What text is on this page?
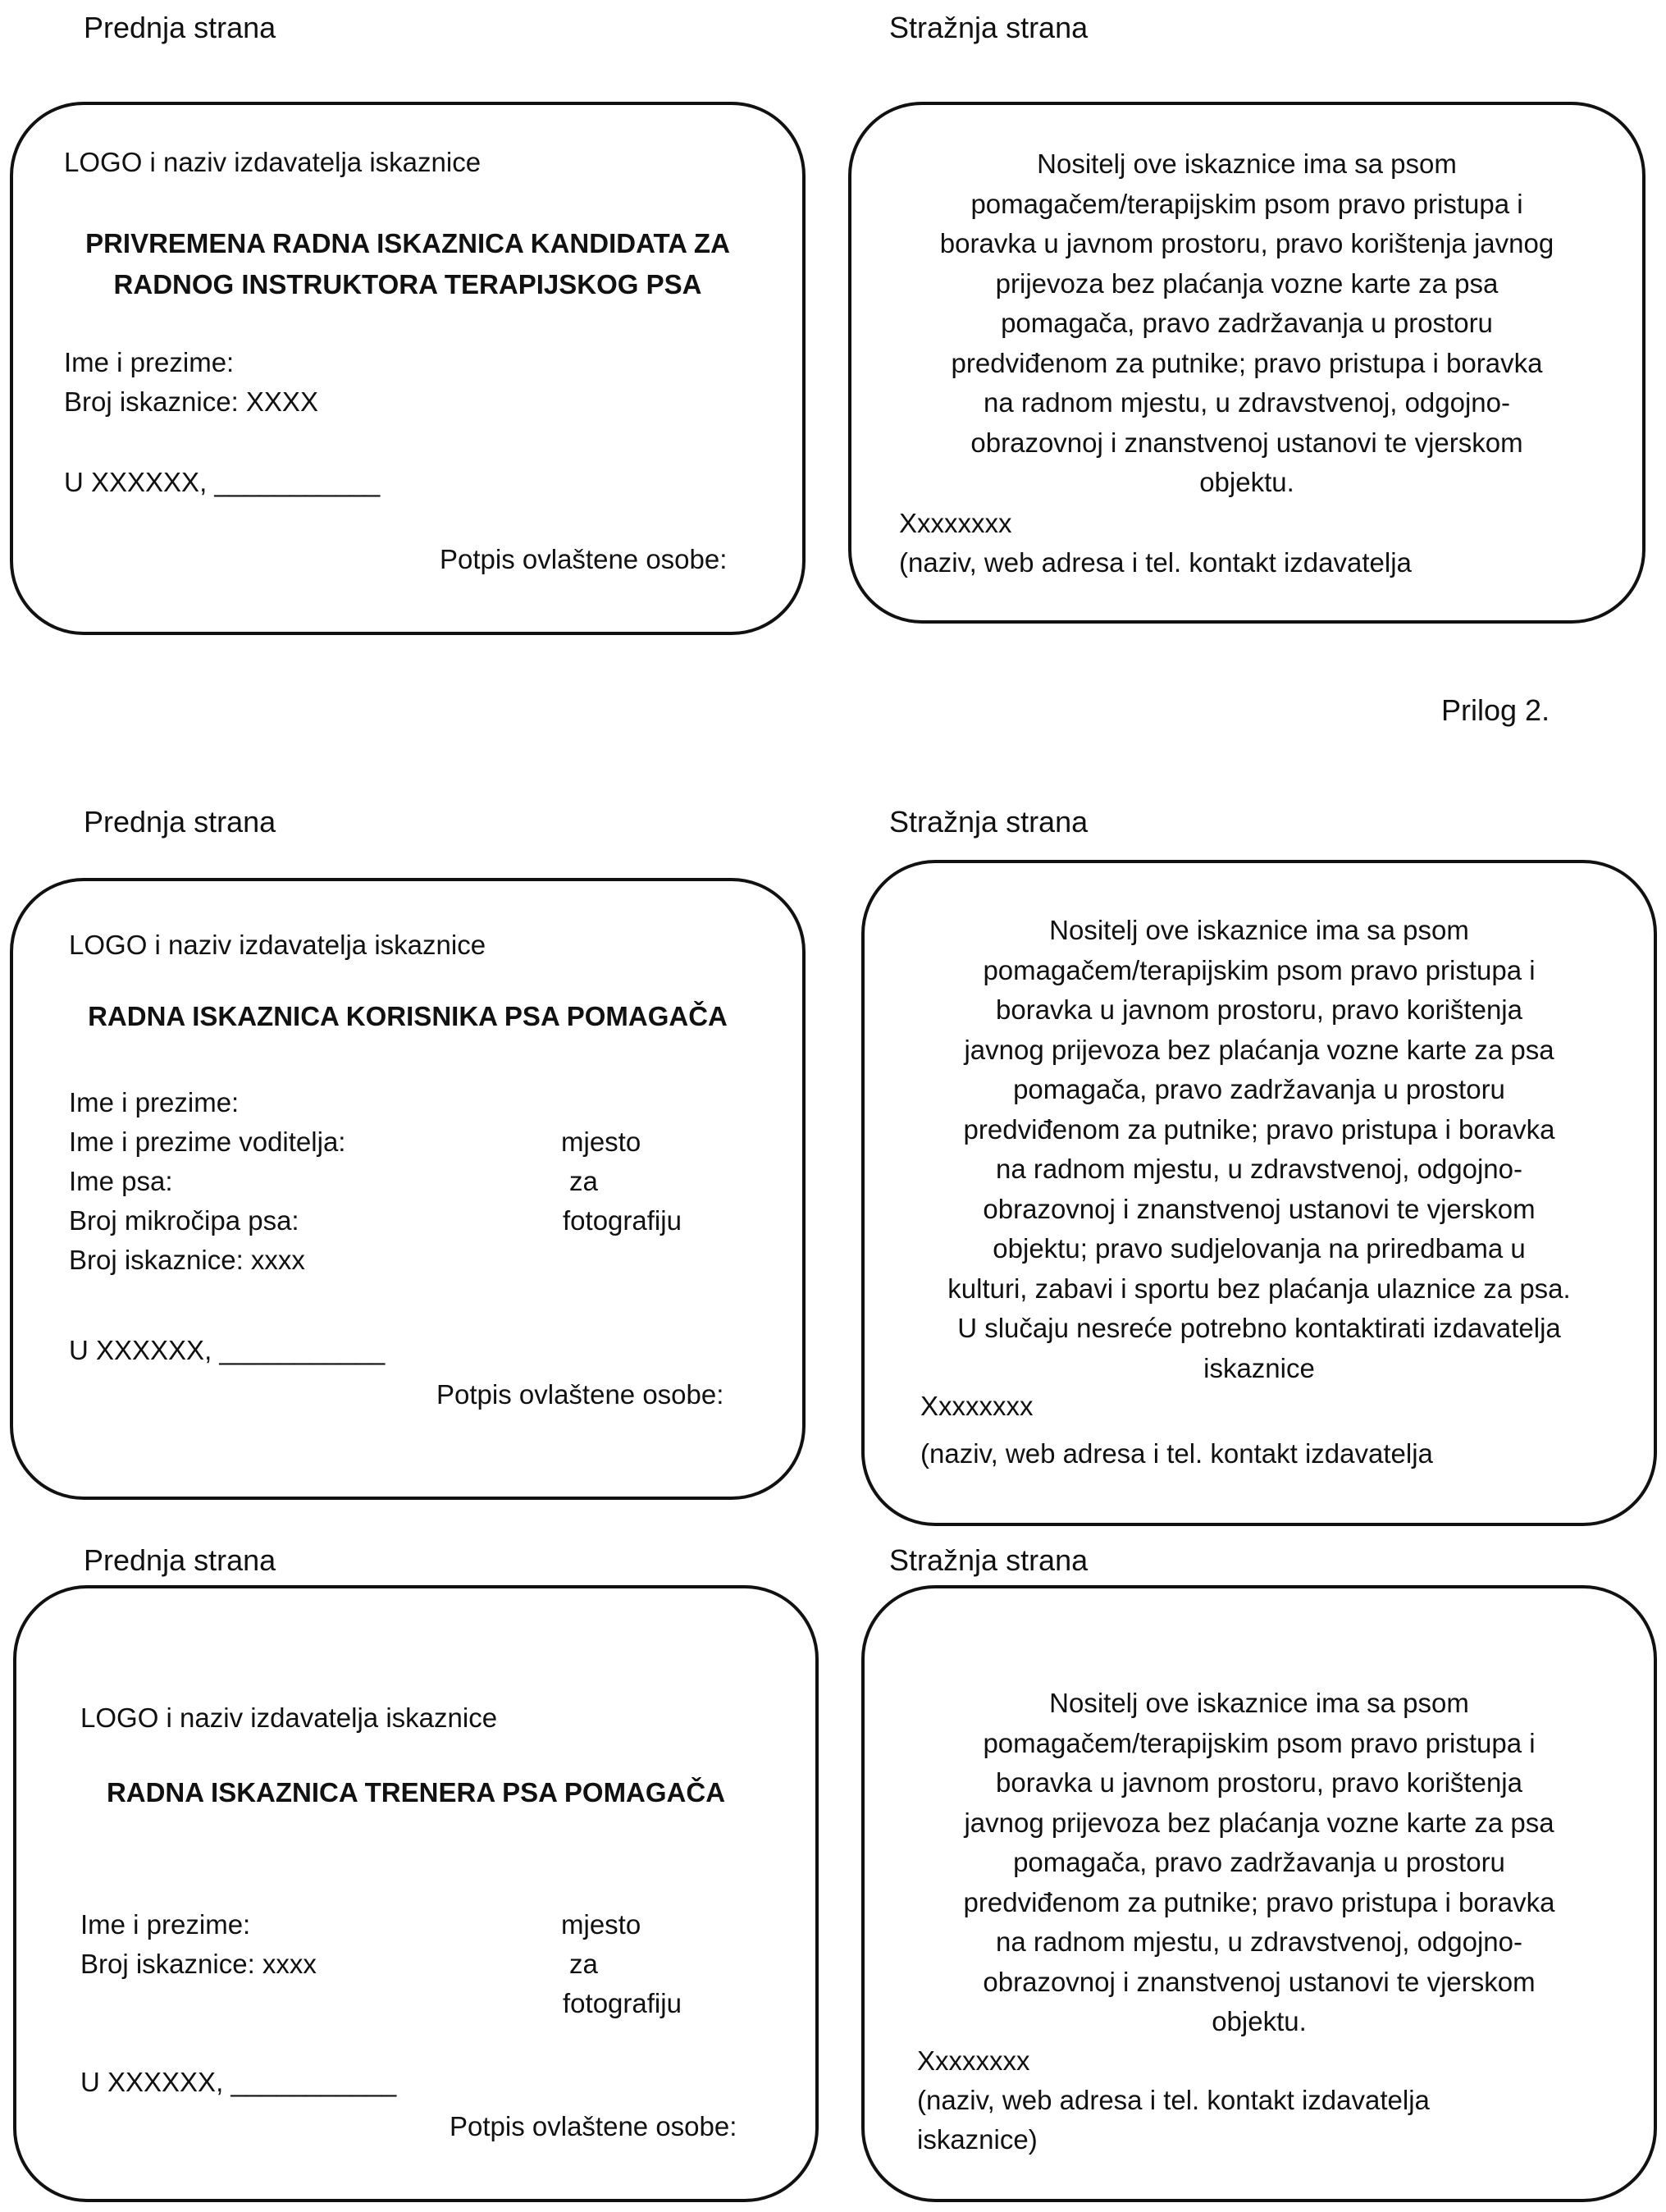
Prednja strana	Stražnja strana
LOGO i naziv izdavatelja iskaznice
PRIVREMENA RADNA ISKAZNICA KANDIDATA ZA
RADNOG INSTRUKTORA TERAPIJSKOG PSA
Ime i prezime:
Broj iskaznice: XXXX
U XXXXXX, ___________
Potpis ovlaštene osobe:
Nositelj ove iskaznice ima sa psom
pomagačem/terapijskim psom pravo pristupa i
boravka u javnom prostoru, pravo korištenja javnog
prijevoza bez plaćanja vozne karte za psa
pomagača, pravo zadržavanja u prostoru
predviđenom za putnike; pravo pristupa i boravka
na radnom mjestu, u zdravstvenoj, odgojno-
obrazovnoj i znanstvenoj ustanovi te vjerskom
objektu.
Xxxxxxxx
(naziv, web adresa i tel. kontakt izdavatelja
Prilog 2.
Prednja strana	Stražnja strana
LOGO i naziv izdavatelja iskaznice
RADNA ISKAZNICA KORISNIKA PSA POMAGAČA
Ime i prezime:
Ime i prezime voditelja:
Ime psa:
Broj mikročipa psa:
Broj iskaznice: xxxx
mjesto
za
fotografiju
U XXXXXX, ___________
Potpis ovlaštene osobe:
Nositelj ove iskaznice ima sa psom
pomagačem/terapijskim psom pravo pristupa i
boravka u javnom prostoru, pravo korištenja
javnog prijevoza bez plaćanja vozne karte za psa
pomagača, pravo zadržavanja u prostoru
predviđenom za putnike; pravo pristupa i boravka
na radnom mjestu, u zdravstvenoj, odgojno-
obrazovnoj i znanstvenoj ustanovi te vjerskom
objektu; pravo sudjelovanja na priredbama u
kulturi, zabavi i sportu bez plaćanja ulaznice za psa.
U slučaju nesreće potrebno kontaktirati izdavatelja
iskaznice
Xxxxxxxx
(naziv, web adresa i tel. kontakt izdavatelja
Prednja strana	Stražnja strana
LOGO i naziv izdavatelja iskaznice
RADNA ISKAZNICA TRENERA PSA POMAGAČA
Ime i prezime:
Broj iskaznice: xxxx
mjesto
za
fotografiju
U XXXXXX, ___________
Potpis ovlaštene osobe:
Nositelj ove iskaznice ima sa psom
pomagačem/terapijskim psom pravo pristupa i
boravka u javnom prostoru, pravo korištenja
javnog prijevoza bez plaćanja vozne karte za psa
pomagača, pravo zadržavanja u prostoru
predviđenom za putnike; pravo pristupa i boravka
na radnom mjestu, u zdravstvenoj, odgojno-
obrazovnoj i znanstvenoj ustanovi te vjerskom
objektu.
Xxxxxxxx
(naziv, web adresa i tel. kontakt izdavatelja
iskaznice)
